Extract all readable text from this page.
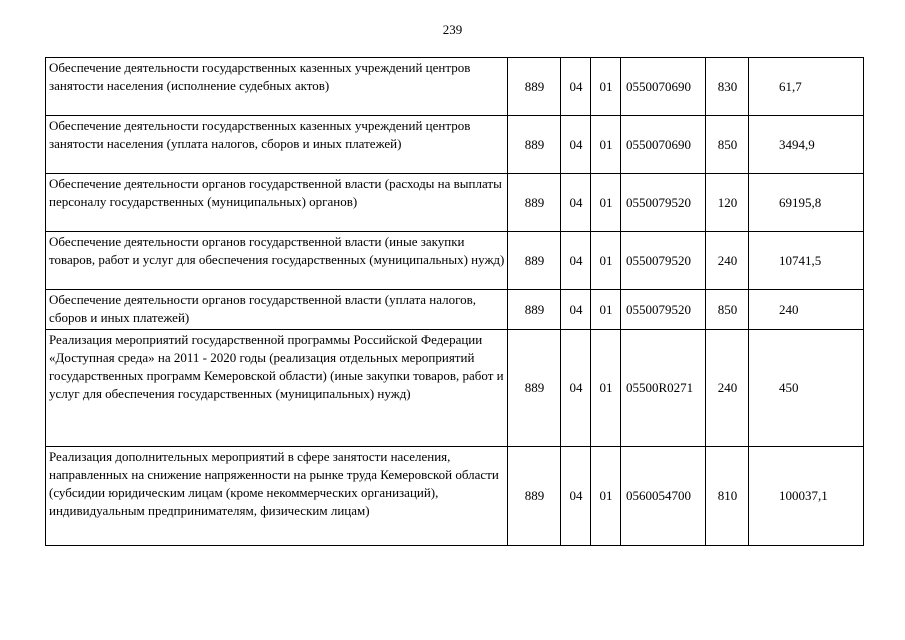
239
Обеспечение деятельности государственных казенных учреждений центров занятости населения (исполнение судебных актов)	889	04	01	0550070690	830	61,7
Обеспечение деятельности государственных казенных учреждений центров занятости населения (уплата налогов, сборов и иных платежей)	889	04	01	0550070690	850	3494,9
Обеспечение деятельности органов государственной власти (расходы на выплаты персоналу государственных (муниципальных) органов)	889	04	01	0550079520	120	69195,8
Обеспечение деятельности органов государственной власти (иные закупки товаров, работ и услуг для обеспечения государственных (муниципальных) нужд)	889	04	01	0550079520	240	10741,5
Обеспечение деятельности органов государственной власти (уплата налогов, сборов и иных платежей)	889	04	01	0550079520	850	240
Реализация мероприятий государственной программы Российской Федерации «Доступная среда» на 2011 - 2020 годы (реализация отдельных мероприятий государственных программ Кемеровской области) (иные закупки товаров, работ и услуг для обеспечения государственных (муниципальных) нужд)	889	04	01	05500R0271	240	450
Реализация дополнительных мероприятий в сфере занятости населения, направленных на снижение напряженности на рынке труда Кемеровской области (субсидии юридическим лицам (кроме некоммерческих организаций), индивидуальным предпринимателям, физическим лицам)	889	04	01	0560054700	810	100037,1
